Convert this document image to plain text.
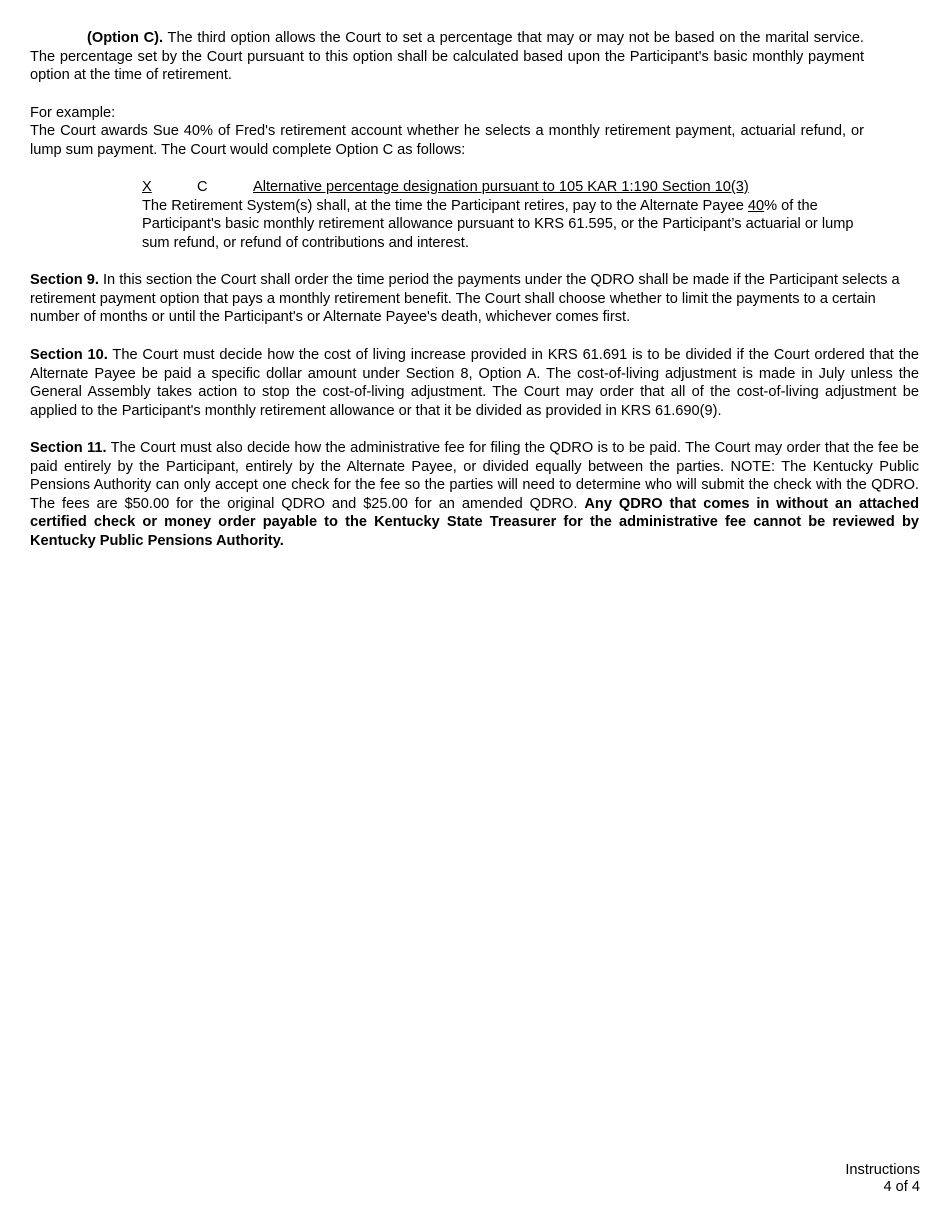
(Option C). The third option allows the Court to set a percentage that may or may not be based on the marital service. The percentage set by the Court pursuant to this option shall be calculated based upon the Participant's basic monthly payment option at the time of retirement.
For example:
The Court awards Sue 40% of Fred's retirement account whether he selects a monthly retirement payment, actuarial refund, or lump sum payment. The Court would complete Option C as follows:
X	C	Alternative percentage designation pursuant to 105 KAR 1:190 Section 10(3)
The Retirement System(s) shall, at the time the Participant retires, pay to the Alternate Payee 40% of the Participant's basic monthly retirement allowance pursuant to KRS 61.595, or the Participant’s actuarial or lump sum refund, or refund of contributions and interest.
Section 9. In this section the Court shall order the time period the payments under the QDRO shall be made if the Participant selects a retirement payment option that pays a monthly retirement benefit. The Court shall choose whether to limit the payments to a certain number of months or until the Participant's or Alternate Payee's death, whichever comes first.
Section 10. The Court must decide how the cost of living increase provided in KRS 61.691 is to be divided if the Court ordered that the Alternate Payee be paid a specific dollar amount under Section 8, Option A. The cost-of-living adjustment is made in July unless the General Assembly takes action to stop the cost-of-living adjustment. The Court may order that all of the cost-of-living adjustment be applied to the Participant's monthly retirement allowance or that it be divided as provided in KRS 61.690(9).
Section 11. The Court must also decide how the administrative fee for filing the QDRO is to be paid. The Court may order that the fee be paid entirely by the Participant, entirely by the Alternate Payee, or divided equally between the parties. NOTE: The Kentucky Public Pensions Authority can only accept one check for the fee so the parties will need to determine who will submit the check with the QDRO. The fees are $50.00 for the original QDRO and $25.00 for an amended QDRO. Any QDRO that comes in without an attached certified check or money order payable to the Kentucky State Treasurer for the administrative fee cannot be reviewed by Kentucky Public Pensions Authority.
Instructions
4 of 4
